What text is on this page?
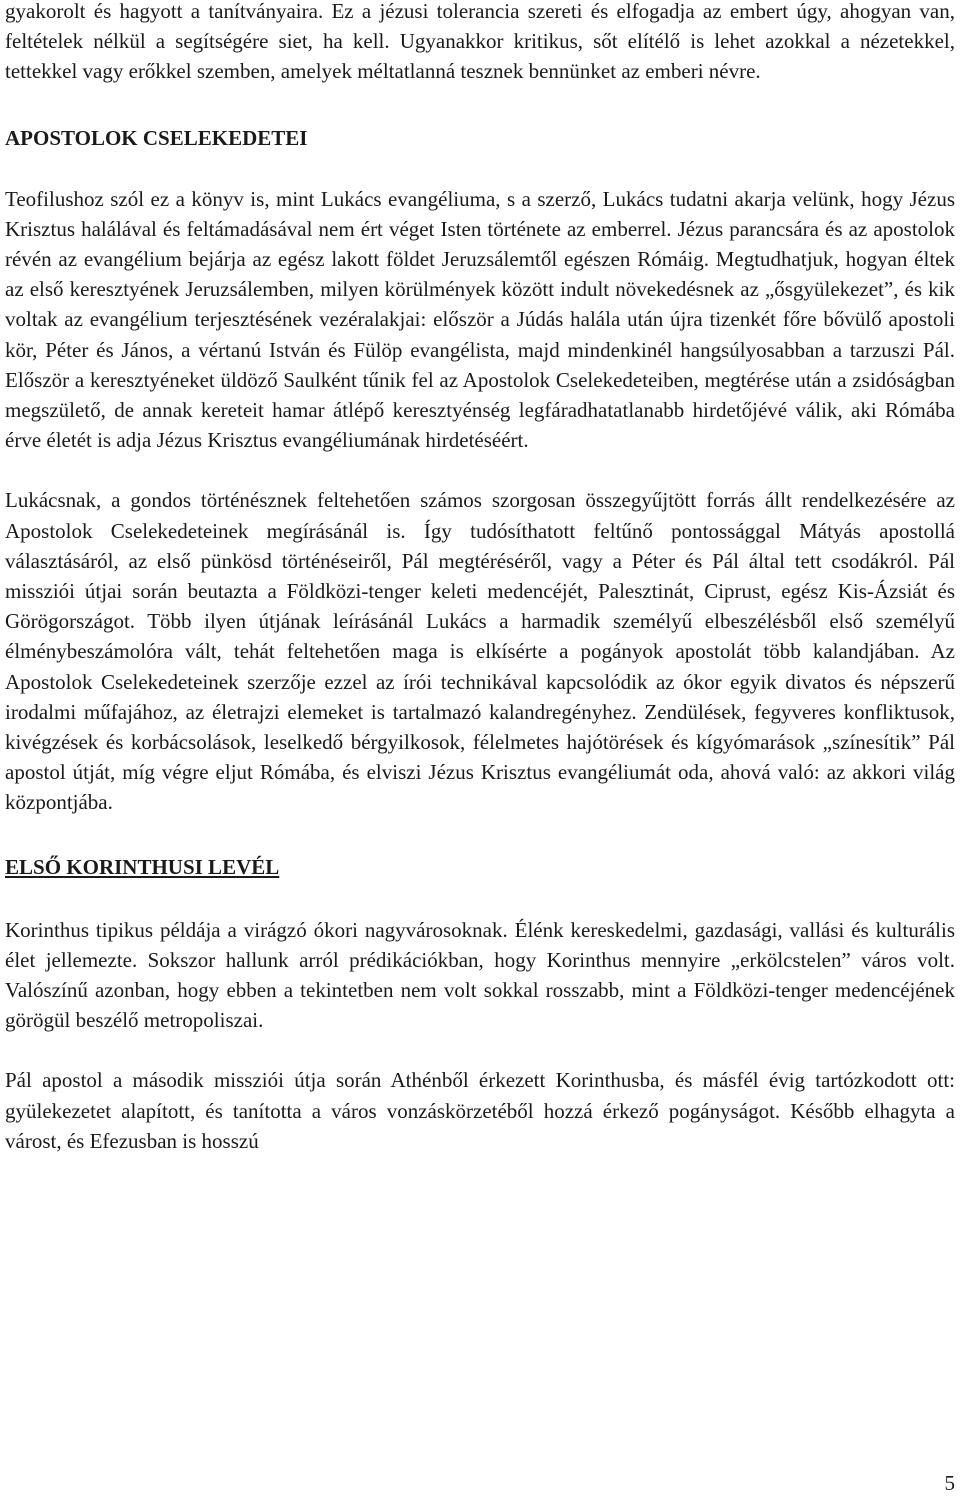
gyakorolt és hagyott a tanítványaira. Ez a jézusi tolerancia szereti és elfogadja az embert úgy, ahogyan van, feltételek nélkül a segítségére siet, ha kell. Ugyanakkor kritikus, sőt elítélő is lehet azokkal a nézetekkel, tettekkel vagy erőkkel szemben, amelyek méltatlanná tesznek bennünket az emberi névre.

APOSTOLOK CSELEKEDETEI

Teofilushoz szól ez a könyv is, mint Lukács evangéliuma, s a szerző, Lukács tudatni akarja velünk, hogy Jézus Krisztus halálával és feltámadásával nem ért véget Isten története az emberrel. Jézus parancsára és az apostolok révén az evangélium bejárja az egész lakott földet Jeruzsálemtől egészen Rómáig. Megtudhatjuk, hogyan éltek az első keresztyének Jeruzsálemben, milyen körülmények között indult növekedésnek az „ősgyülekezet”, és kik voltak az evangélium terjesztésének vezéralakjai: először a Júdás halála után újra tizenkét főre bővülő apostoli kör, Péter és János, a vértanú István és Fülöp evangélista, majd mindenkinél hangsúlyosabban a tarzuszi Pál. Először a keresztyéneket üldöző Saulként tűnik fel az Apostolok Cselekedeteiben, megtérése után a zsidóságban megszülető, de annak kereteit hamar átlépő keresztyénség legfáradhatatlanabb hirdetőjévé válik, aki Rómába érve életét is adja Jézus Krisztus evangéliumának hirdetéséért.

Lukácsnak, a gondos történésznek feltehetően számos szorgosan összegyűjtött forrás állt rendelkezésére az Apostolok Cselekedeteinek megírásánál is. Így tudósíthatott feltűnő pontossággal Mátyás apostollá választásáról, az első pünkösd történéseiről, Pál megtéréséről, vagy a Péter és Pál által tett csodákról. Pál missziói útjai során beutazta a Földközi-tenger keleti medencéjét, Palesztinát, Ciprust, egész Kis-Ázsiát és Görögországot. Több ilyen útjának leírásánál Lukács a harmadik személyű elbeszélésből első személyű élménybeszámolóra vált, tehát feltehetően maga is elkísérte a pogányok apostolát több kalandjában. Az Apostolok Cselekedeteinek szerzője ezzel az írói technikával kapcsolódik az ókor egyik divatos és népszerű irodalmi műfajához, az életrajzi elemeket is tartalmazó kalandregényhez. Zendülések, fegyveres konfliktusok, kivégzések és korbácsolások, leselkedő bérgyilkosok, félelmetes hajótörések és kígyómarások „színesítik” Pál apostol útját, míg végre eljut Rómába, és elviszi Jézus Krisztus evangéliumát oda, ahová való: az akkori világ központjába.

ELSŐ KORINTHUSI LEVÉL

Korinthus tipikus példája a virágzó ókori nagyvárosoknak. Élénk kereskedelmi, gazdasági, vallási és kulturális élet jellemezte. Sokszor hallunk arról prédikációkban, hogy Korinthus mennyire „erkölcstelen” város volt. Valószínű azonban, hogy ebben a tekintetben nem volt sokkal rosszabb, mint a Földközi-tenger medencéjének görögül beszélő metropoliszai.

Pál apostol a második missziói útja során Athénből érkezett Korinthusba, és másfél évig tartózkodott ott: gyülekezetet alapított, és tanította a város vonzáskörzetéből hozzá érkező pogányságot. Később elhagyta a várost, és Efezusban is hosszú

5
